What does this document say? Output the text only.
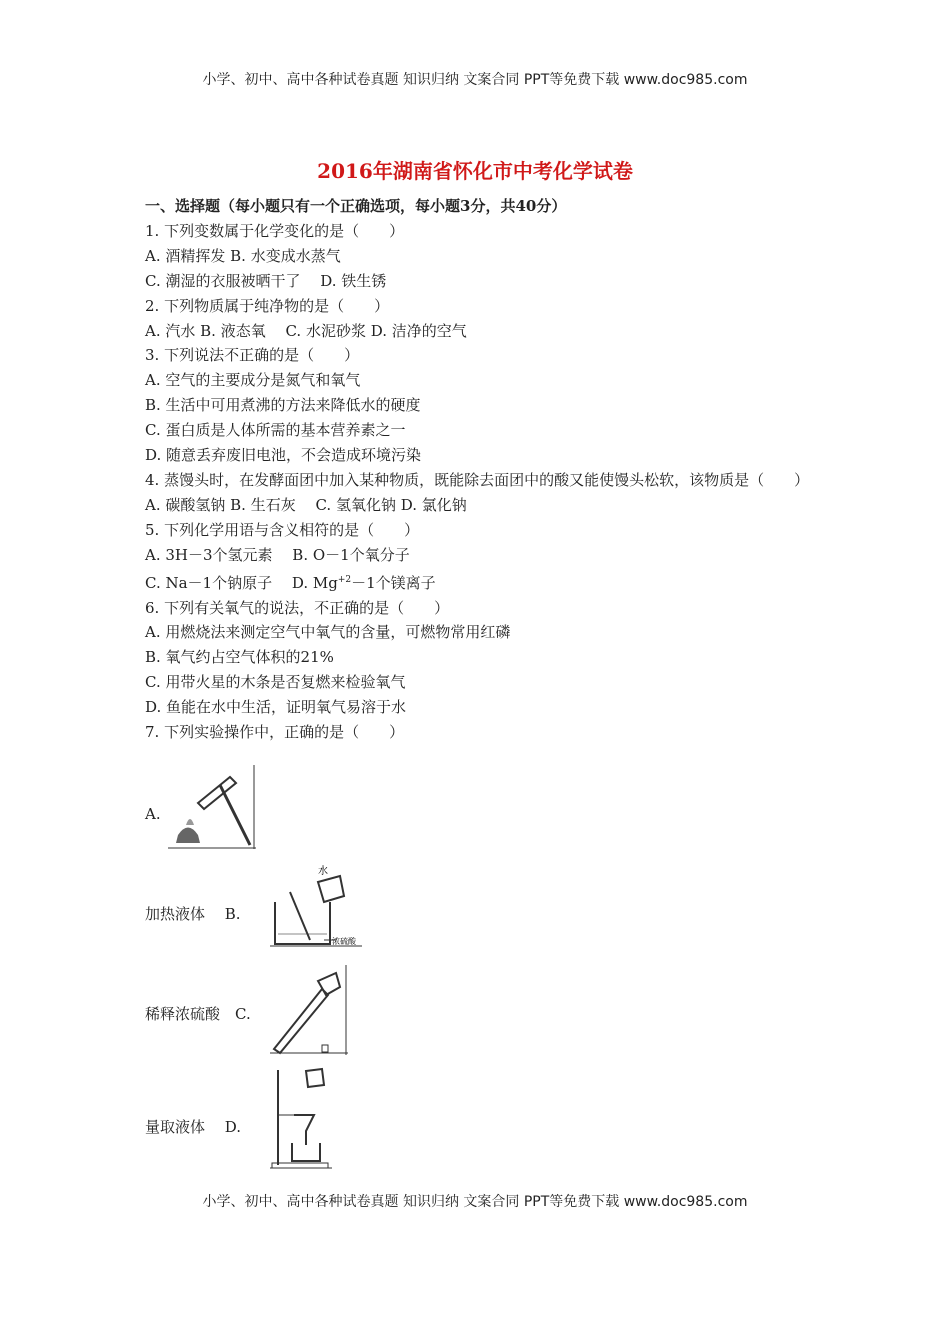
小学、初中、高中各种试卷真题 知识归纳 文案合同 PPT等免费下载 www.doc985.com
2016年湖南省怀化市中考化学试卷
一、选择题（每小题只有一个正确选项，每小题3分，共40分）
1. 下列变数属于化学变化的是（　　）
A. 酒精挥发 B. 水变成水蒸气
C. 潮湿的衣服被晒干了　 D. 铁生锈
2. 下列物质属于纯净物的是（　　）
A. 汽水 B. 液态氧　 C. 水泥砂浆 D. 洁净的空气
3. 下列说法不正确的是（　　）
A. 空气的主要成分是氮气和氧气
B. 生活中可用煮沸的方法来降低水的硬度
C. 蛋白质是人体所需的基本营养素之一
D. 随意丢弃废旧电池，不会造成环境污染
4. 蒸馒头时，在发酵面团中加入某种物质，既能除去面团中的酸又能使馒头松软，该物质是（　　）
A. 碳酸氢钠 B. 生石灰　 C. 氢氧化钠 D. 氯化钠
5. 下列化学用语与含义相符的是（　　）
A. 3H－3个氢元素　 B. O－1个氧分子
C. Na－1个钠原子　 D. $Mg^{+2}-1$个镁离子
6. 下列有关氧气的说法，不正确的是（　　）
A. 用燃烧法来测定空气中氧气的含量，可燃物常用红磷
B. 氧气约占空气体积的21%
C. 用带火星的木条是否复燃来检验氧气
D. 鱼能在水中生活，证明氧气易溶于水
7. 下列实验操作中，正确的是（　　）
A.
加热液体　 B.
稀释浓硫酸　C.
量取液体　 D.
水
浓硫酸
小学、初中、高中各种试卷真题 知识归纳 文案合同 PPT等免费下载 www.doc985.com
